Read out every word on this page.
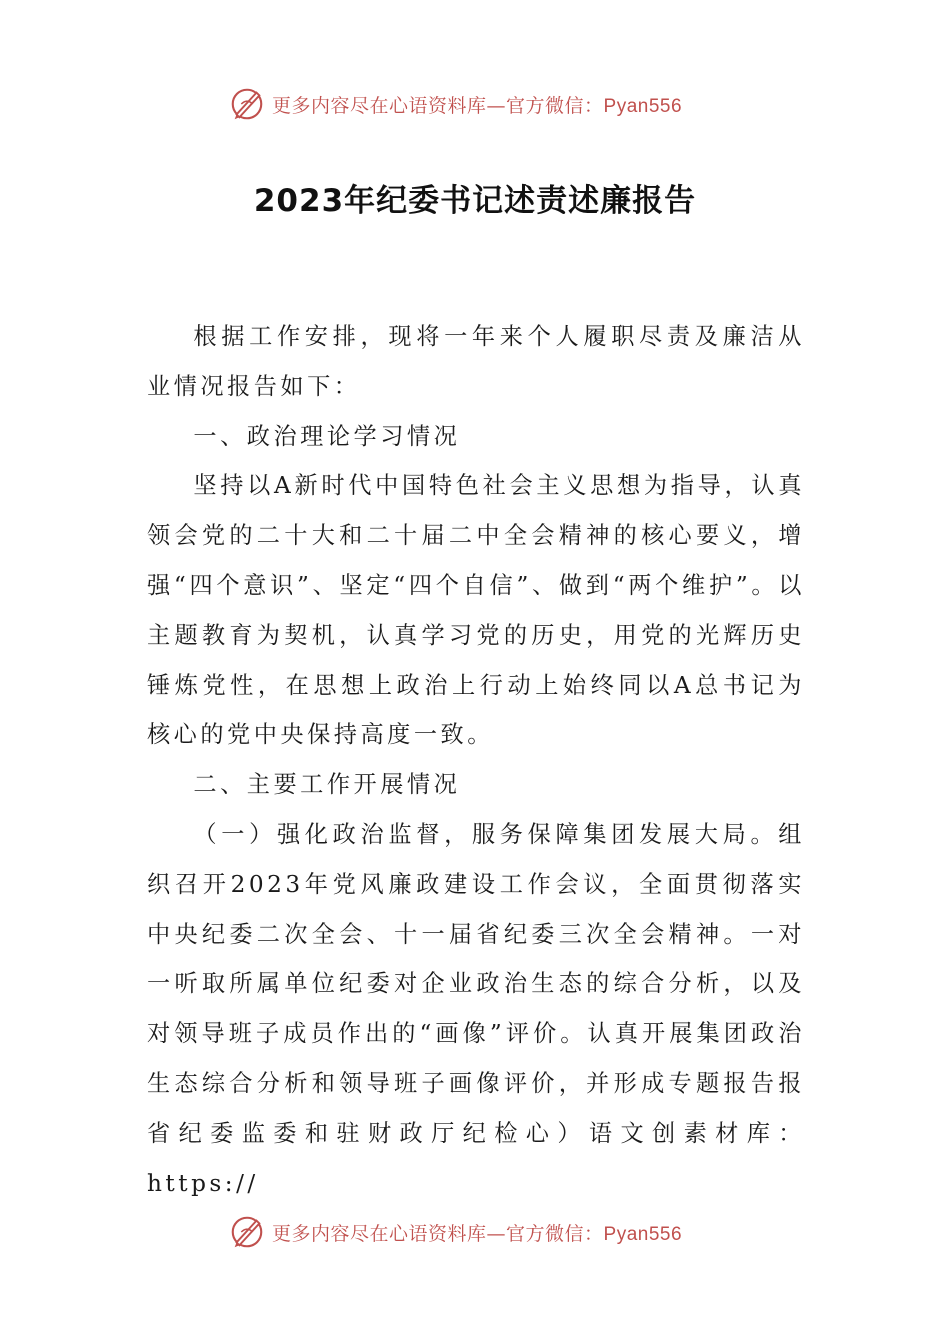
更多内容尽在心语资料库—官方微信：Pyan556
2023年纪委书记述责述廉报告

根据工作安排，现将一年来个人履职尽责及廉洁从业情况报告如下：

一、政治理论学习情况

坚持以A新时代中国特色社会主义思想为指导，认真领会党的二十大和二十届二中全会精神的核心要义，增强“四个意识”、坚定“四个自信”、做到“两个维护”。以主题教育为契机，认真学习党的历史，用党的光辉历史锤炼党性，在思想上政治上行动上始终同以A总书记为核心的党中央保持高度一致。

二、主要工作开展情况

（一）强化政治监督，服务保障集团发展大局。组织召开2023年党风廉政建设工作会议，全面贯彻落实中央纪委二次全会、十一届省纪委三次全会精神。一对一听取所属单位纪委对企业政治生态的综合分析，以及对领导班子成员作出的“画像”评价。认真开展集团政治生态综合分析和领导班子画像评价，并形成专题报告报省纪委监委和驻财政厅纪检心）语文创素材库：https://

更多内容尽在心语资料库—官方微信：Pyan556
